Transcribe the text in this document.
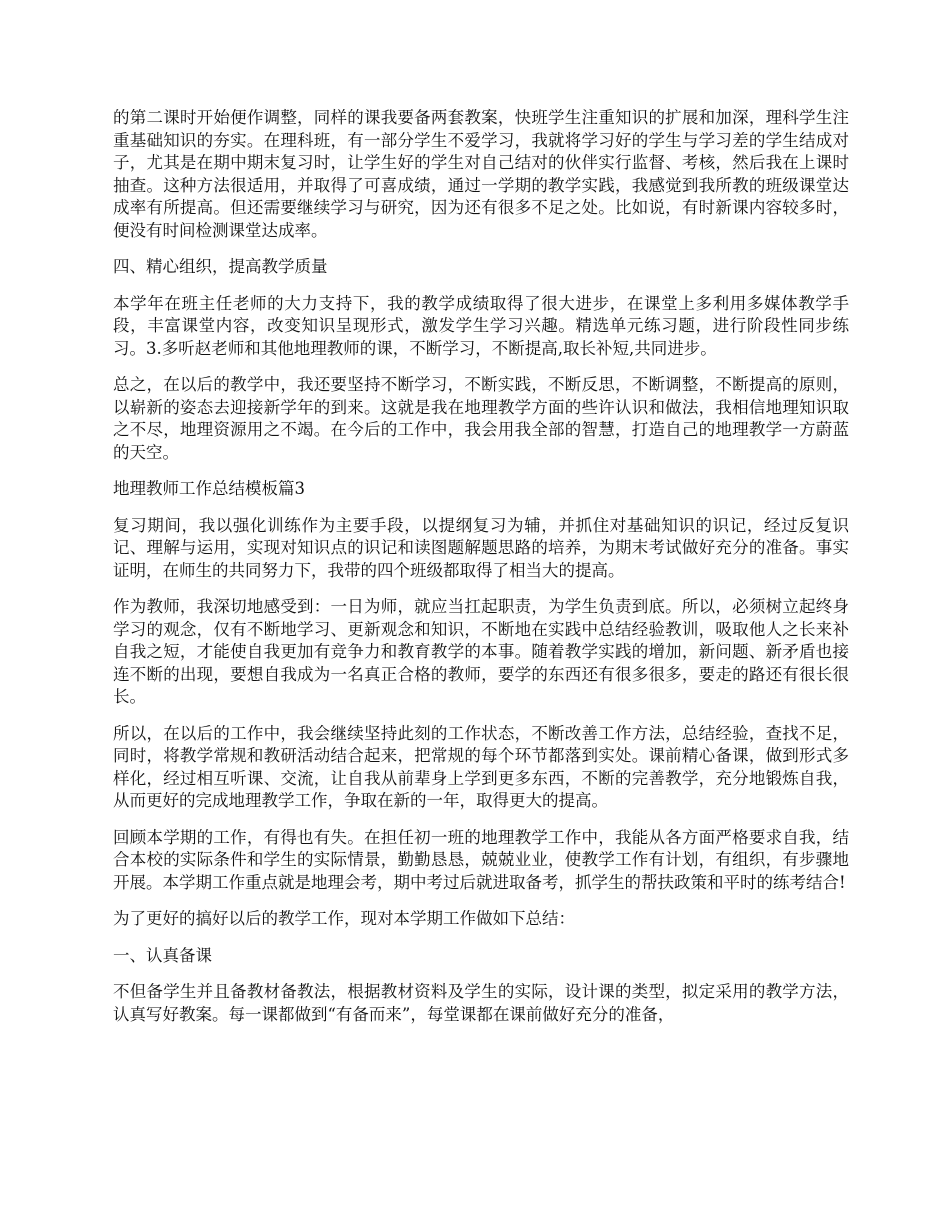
的第二课时开始便作调整，同样的课我要备两套教案，快班学生注重知识的扩展和加深，理科学生注重基础知识的夯实。在理科班，有一部分学生不爱学习，我就将学习好的学生与学习差的学生结成对子，尤其是在期中期末复习时，让学生好的学生对自己结对的伙伴实行监督、考核，然后我在上课时抽查。这种方法很适用，并取得了可喜成绩，通过一学期的教学实践，我感觉到我所教的班级课堂达成率有所提高。但还需要继续学习与研究，因为还有很多不足之处。比如说，有时新课内容较多时，便没有时间检测课堂达成率。

四、精心组织，提高教学质量

本学年在班主任老师的大力支持下，我的教学成绩取得了很大进步，在课堂上多利用多媒体教学手段，丰富课堂内容，改变知识呈现形式，激发学生学习兴趣。精选单元练习题，进行阶段性同步练习。3.多听赵老师和其他地理教师的课，不断学习，不断提高,取长补短,共同进步。

总之，在以后的教学中，我还要坚持不断学习，不断实践，不断反思，不断调整，不断提高的原则，以崭新的姿态去迎接新学年的到来。这就是我在地理教学方面的些许认识和做法，我相信地理知识取之不尽，地理资源用之不竭。在今后的工作中，我会用我全部的智慧，打造自己的地理教学一方蔚蓝的天空。

地理教师工作总结模板篇3

复习期间，我以强化训练作为主要手段，以提纲复习为辅，并抓住对基础知识的识记，经过反复识记、理解与运用，实现对知识点的识记和读图题解题思路的培养，为期末考试做好充分的准备。事实证明，在师生的共同努力下，我带的四个班级都取得了相当大的提高。

作为教师，我深切地感受到：一日为师，就应当扛起职责，为学生负责到底。所以，必须树立起终身学习的观念，仅有不断地学习、更新观念和知识，不断地在实践中总结经验教训，吸取他人之长来补自我之短，才能使自我更加有竞争力和教育教学的本事。随着教学实践的增加，新问题、新矛盾也接连不断的出现，要想自我成为一名真正合格的教师，要学的东西还有很多很多，要走的路还有很长很长。

所以，在以后的工作中，我会继续坚持此刻的工作状态，不断改善工作方法，总结经验，查找不足，同时，将教学常规和教研活动结合起来，把常规的每个环节都落到实处。课前精心备课，做到形式多样化，经过相互听课、交流，让自我从前辈身上学到更多东西，不断的完善教学，充分地锻炼自我，从而更好的完成地理教学工作，争取在新的一年，取得更大的提高。

回顾本学期的工作，有得也有失。在担任初一班的地理教学工作中，我能从各方面严格要求自我，结合本校的实际条件和学生的实际情景，勤勤恳恳，兢兢业业，使教学工作有计划，有组织，有步骤地开展。本学期工作重点就是地理会考，期中考过后就进取备考，抓学生的帮扶政策和平时的练考结合!

为了更好的搞好以后的教学工作，现对本学期工作做如下总结：

一、认真备课

不但备学生并且备教材备教法，根据教材资料及学生的实际，设计课的类型，拟定采用的教学方法，认真写好教案。每一课都做到“有备而来”，每堂课都在课前做好充分的准备，
